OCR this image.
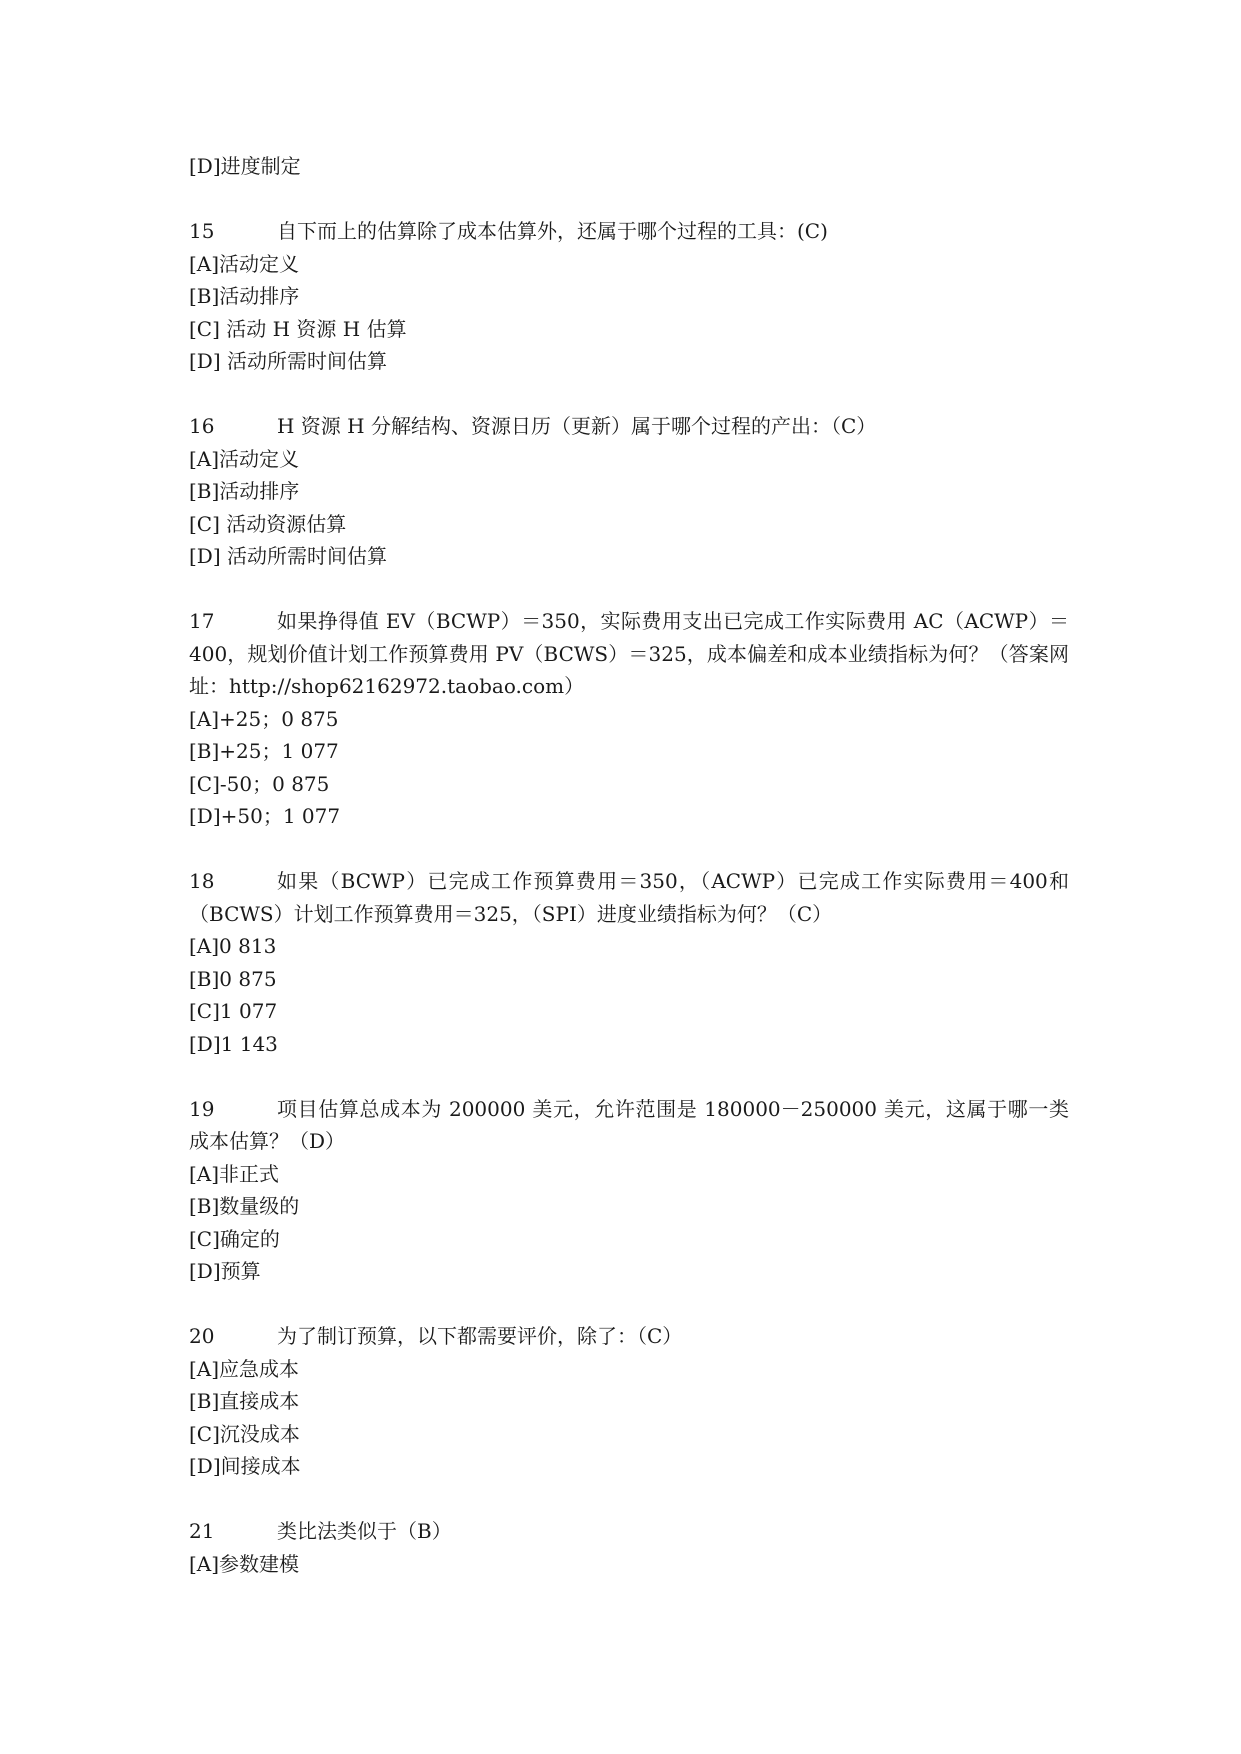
[D]进度制定
15	自下而上的估算除了成本估算外，还属于哪个过程的工具：(C)
[A]活动定义
[B]活动排序
[C] 活动 H 资源 H 估算
[D] 活动所需时间估算
16	H 资源 H 分解结构、资源日历（更新）属于哪个过程的产出：（C）
[A]活动定义
[B]活动排序
[C] 活动资源估算
[D] 活动所需时间估算
17	如果挣得值 EV（BCWP）＝350，实际费用支出已完成工作实际费用 AC（ACWP）＝400，规划价值计划工作预算费用 PV（BCWS）＝325，成本偏差和成本业绩指标为何？（答案网址：http://shop62162972.taobao.com）
[A]+25；0 875
[B]+25；1 077
[C]-50；0 875
[D]+50；1 077
18	如果（BCWP）已完成工作预算费用＝350，（ACWP）已完成工作实际费用＝400和（BCWS）计划工作预算费用＝325，（SPI）进度业绩指标为何？（C）
[A]0 813
[B]0 875
[C]1 077
[D]1 143
19	项目估算总成本为 200000 美元，允许范围是 180000－250000 美元，这属于哪一类成本估算？（D）
[A]非正式
[B]数量级的
[C]确定的
[D]预算
20	为了制订预算，以下都需要评价，除了：（C）
[A]应急成本
[B]直接成本
[C]沉没成本
[D]间接成本
21	类比法类似于（B）
[A]参数建模
